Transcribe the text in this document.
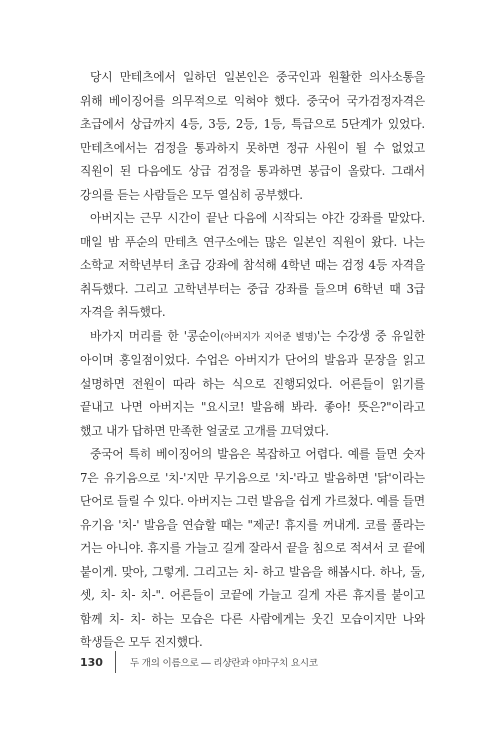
당시 만테츠에서 일하던 일본인은 중국인과 원활한 의사소통을 위해 베이징어를 의무적으로 익혀야 했다. 중국어 국가검정자격은 초급에서 상급까지 4등, 3등, 2등, 1등, 특급으로 5단계가 있었다. 만테츠에서는 검정을 통과하지 못하면 정규 사원이 될 수 없었고 직원이 된 다음에도 상급 검정을 통과하면 봉급이 올랐다. 그래서 강의를 듣는 사람들은 모두 열심히 공부했다.

아버지는 근무 시간이 끝난 다음에 시작되는 야간 강좌를 맡았다. 매일 밤 푸순의 만테츠 연구소에는 많은 일본인 직원이 왔다. 나는 소학교 저학년부터 초급 강좌에 참석해 4학년 때는 검정 4등 자격을 취득했다. 그리고 고학년부터는 중급 강좌를 들으며 6학년 때 3급 자격을 취득했다.

바가지 머리를 한 '콩순이(아버지가 지어준 별명)'는 수강생 중 유일한 아이며 홍일점이었다. 수업은 아버지가 단어의 발음과 문장을 읽고 설명하면 전원이 따라 하는 식으로 진행되었다. 어른들이 읽기를 끝내고 나면 아버지는 "요시코! 발음해 봐라. 좋아! 뜻은?"이라고 했고 내가 답하면 만족한 얼굴로 고개를 끄덕였다.

중국어 특히 베이징어의 발음은 복잡하고 어렵다. 예를 들면 숫자 7은 유기음으로 '치-'지만 무기음으로 '치-'라고 발음하면 '닭'이라는 단어로 들릴 수 있다. 아버지는 그런 발음을 쉽게 가르쳤다. 예를 들면 유기음 '치-' 발음을 연습할 때는 "제군! 휴지를 꺼내게. 코를 풀라는 거는 아니야. 휴지를 가늘고 길게 잘라서 끝을 침으로 적셔서 코 끝에 붙이게. 맞아, 그렇게. 그리고는 치- 하고 발음을 해봅시다. 하나, 둘, 셋, 치- 치- 치-". 어른들이 코끝에 가늘고 길게 자른 휴지를 붙이고 함께 치- 치- 하는 모습은 다른 사람에게는 웃긴 모습이지만 나와 학생들은 모두 진지했다.

130	두 개의 이름으로 ― 리샹란과 야마구치 요시코
